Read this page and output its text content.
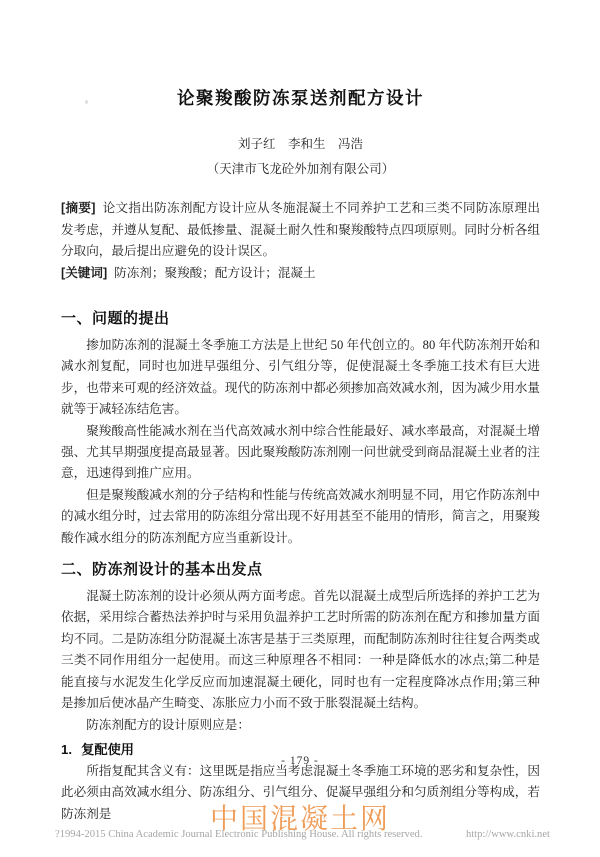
论聚羧酸防冻泵送剂配方设计
刘子红　李和生　冯浩
（天津市飞龙砼外加剂有限公司）

[摘要] 论文指出防冻剂配方设计应从冬施混凝土不同养护工艺和三类不同防冻原理出发考虑，并遵从复配、最低掺量、混凝土耐久性和聚羧酸特点四项原则。同时分析各组分取向，最后提出应避免的设计误区。

[关键词] 防冻剂；聚羧酸；配方设计；混凝土

一、问题的提出

掺加防冻剂的混凝土冬季施工方法是上世纪 50 年代创立的。80 年代防冻剂开始和减水剂复配，同时也加进早强组分、引气组分等，促使混凝土冬季施工技术有巨大进步，也带来可观的经济效益。现代的防冻剂中都必须掺加高效减水剂，因为减少用水量就等于减轻冻结危害。

聚羧酸高性能减水剂在当代高效减水剂中综合性能最好、减水率最高，对混凝土增强、尤其早期强度提高最显著。因此聚羧酸防冻剂刚一问世就受到商品混凝土业者的注意，迅速得到推广应用。

但是聚羧酸减水剂的分子结构和性能与传统高效减水剂明显不同，用它作防冻剂中的减水组分时，过去常用的防冻组分常出现不好用甚至不能用的情形，简言之，用聚羧酸作减水组分的防冻剂配方应当重新设计。

二、防冻剂设计的基本出发点

混凝土防冻剂的设计必须从两方面考虑。首先以混凝土成型后所选择的养护工艺为依据，采用综合蓄热法养护时与采用负温养护工艺时所需的防冻剂在配方和掺加量方面均不同。二是防冻组分防混凝土冻害是基于三类原理，而配制防冻剂时往往复合两类或三类不同作用组分一起使用。而这三种原理各不相同：一种是降低水的冰点;第二种是能直接与水泥发生化学反应而加速混凝土硬化，同时也有一定程度降冰点作用;第三种是掺加后使冰晶产生畸变、冻胀应力小而不致于胀裂混凝土结构。

防冻剂配方的设计原则应是：

1. 复配使用

所指复配其含义有：这里既是指应当考虑混凝土冬季施工环境的恶劣和复杂性，因此必须由高效减水组分、防冻组分、引气组分、促凝早强组分和匀质剂组分等构成，若防冻剂是

- 179 -
中国混凝土网
?1994-2015 China Academic Journal Electronic Publishing House. All rights reserved.	http://www.cnki.net
